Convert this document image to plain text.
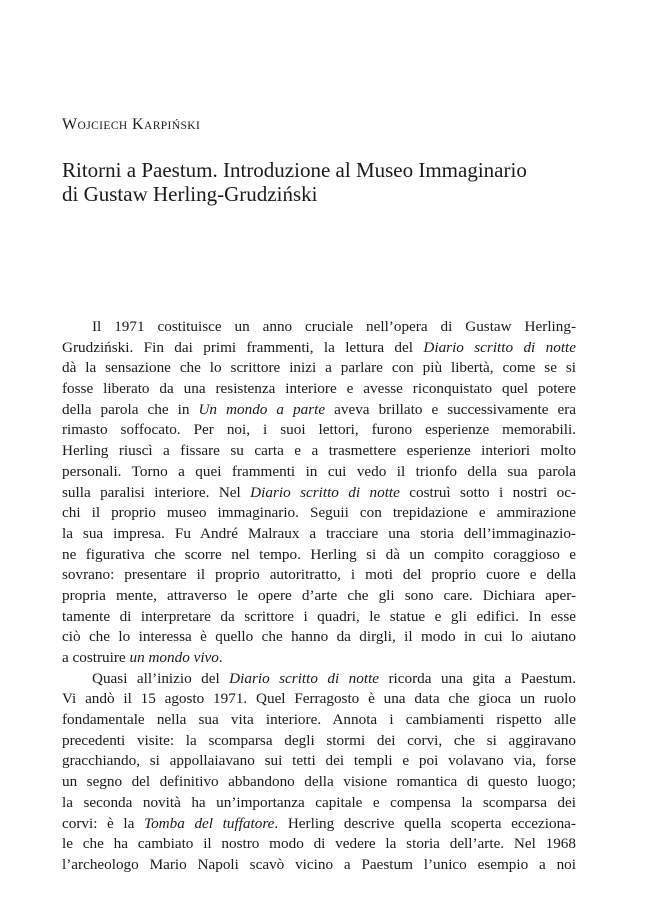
WOJCIECH KARPIŃSKI
Ritorni a Paestum. Introduzione al Museo Immaginario
di Gustaw Herling-Grudziński
Il 1971 costituisce un anno cruciale nell’opera di Gustaw Herling-
Grudziński. Fin dai primi frammenti, la lettura del Diario scritto di notte
dà la sensazione che lo scrittore inizi a parlare con più libertà, come se si
fosse liberato da una resistenza interiore e avesse riconquistato quel potere
della parola che in Un mondo a parte aveva brillato e successivamente era
rimasto soffocato. Per noi, i suoi lettori, furono esperienze memorabili.
Herling riuscì a fissare su carta e a trasmettere esperienze interiori molto
personali. Torno a quei frammenti in cui vedo il trionfo della sua parola
sulla paralisi interiore. Nel Diario scritto di notte costruì sotto i nostri oc-
chi il proprio museo immaginario. Seguii con trepidazione e ammirazione
la sua impresa. Fu André Malraux a tracciare una storia dell’immaginazio-
ne figurativa che scorre nel tempo. Herling si dà un compito coraggioso e
sovrano: presentare il proprio autoritratto, i moti del proprio cuore e della
propria mente, attraverso le opere d’arte che gli sono care. Dichiara aper-
tamente di interpretare da scrittore i quadri, le statue e gli edifici. In esse
ciò che lo interessa è quello che hanno da dirgli, il modo in cui lo aiutano
a costruire un mondo vivo.
Quasi all’inizio del Diario scritto di notte ricorda una gita a Paestum.
Vi andò il 15 agosto 1971. Quel Ferragosto è una data che gioca un ruolo
fondamentale nella sua vita interiore. Annota i cambiamenti rispetto alle
precedenti visite: la scomparsa degli stormi dei corvi, che si aggiravano
gracchiando, si appollaiavano sui tetti dei templi e poi volavano via, forse
un segno del definitivo abbandono della visione romantica di questo luogo;
la seconda novità ha un’importanza capitale e compensa la scomparsa dei
corvi: è la Tomba del tuffatore. Herling descrive quella scoperta ecceziona-
le che ha cambiato il nostro modo di vedere la storia dell’arte. Nel 1968
l’archeologo Mario Napoli scavò vicino a Paestum l’unico esempio a noi
